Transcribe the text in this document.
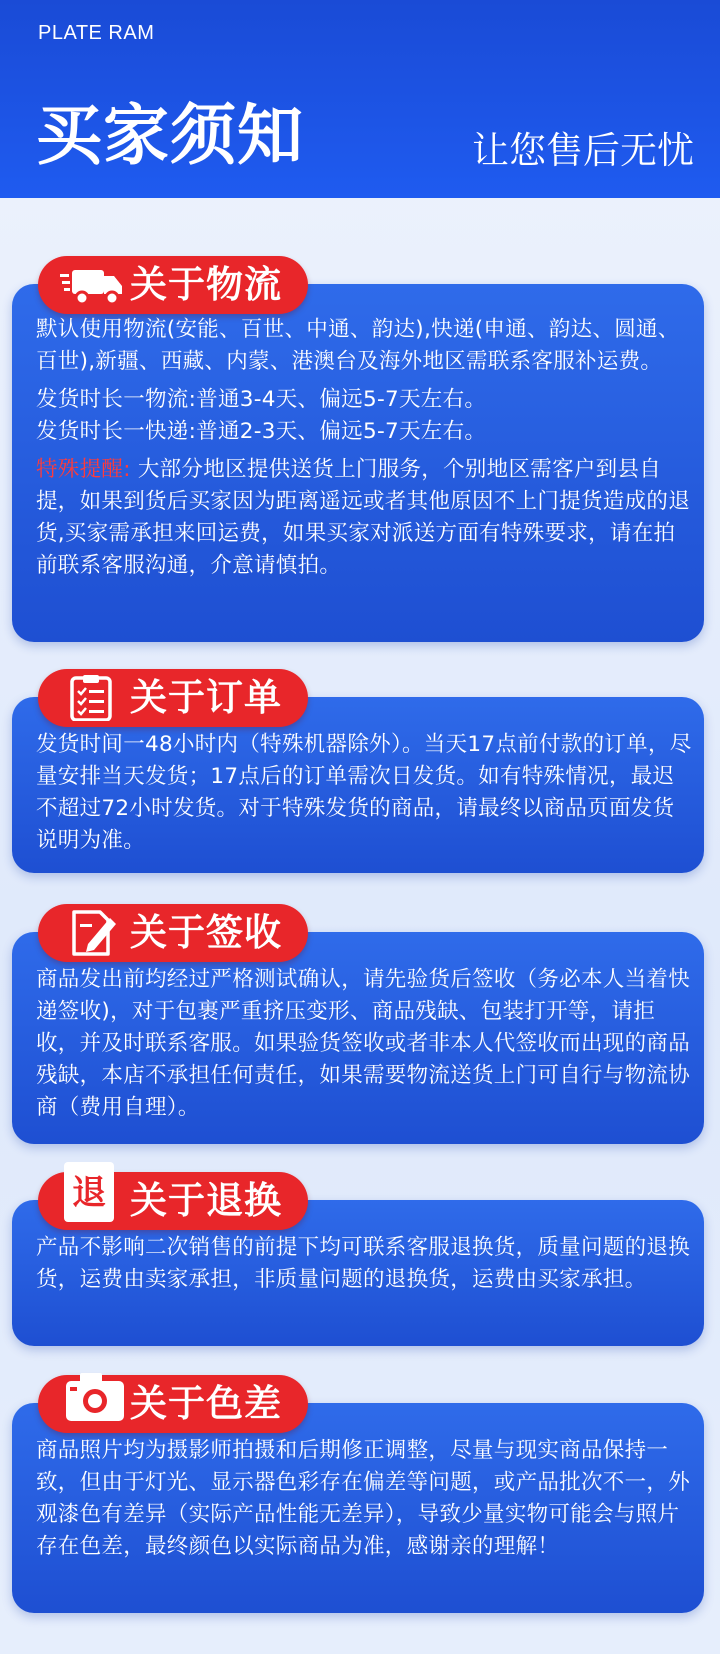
PLATE RAM
买家须知	让您售后无忧

默认使用物流(安能、百世、中通、韵达),快递(申通、韵达、圆通、百世),新疆、西藏、内蒙、港澳台及海外地区需联系客服补运费。

发货时长一物流:普通3-4天、偏远5-7天左右。
发货时长一快递:普通2-3天、偏远5-7天左右。

特殊提醒: 大部分地区提供送货上门服务，个别地区需客户到县自提，如果到货后买家因为距离遥远或者其他原因不上门提货造成的退货,买家需承担来回运费，如果买家对派送方面有特殊要求，请在拍前联系客服沟通，介意请慎拍。

关于物流

发货时间一48小时内（特殊机器除外）。当天17点前付款的订单，尽量安排当天发货；17点后的订单需次日发货。如有特殊情况，最迟不超过72小时发货。对于特殊发货的商品，请最终以商品页面发货说明为准。

关于订单

商品发出前均经过严格测试确认，请先验货后签收（务必本人当着快递签收)，对于包裹严重挤压变形、商品残缺、包装打开等，请拒收，并及时联系客服。如果验货签收或者非本人代签收而出现的商品残缺，本店不承担任何责任，如果需要物流送货上门可自行与物流协商（费用自理）。

关于签收

产品不影响二次销售的前提下均可联系客服退换货，质量问题的退换货，运费由卖家承担，非质量问题的退换货，运费由买家承担。

退 关于退换

商品照片均为摄影师拍摄和后期修正调整，尽量与现实商品保持一致，但由于灯光、显示器色彩存在偏差等问题，或产品批次不一，外观漆色有差异（实际产品性能无差异），导致少量实物可能会与照片存在色差，最终颜色以实际商品为准，感谢亲的理解！

关于色差
